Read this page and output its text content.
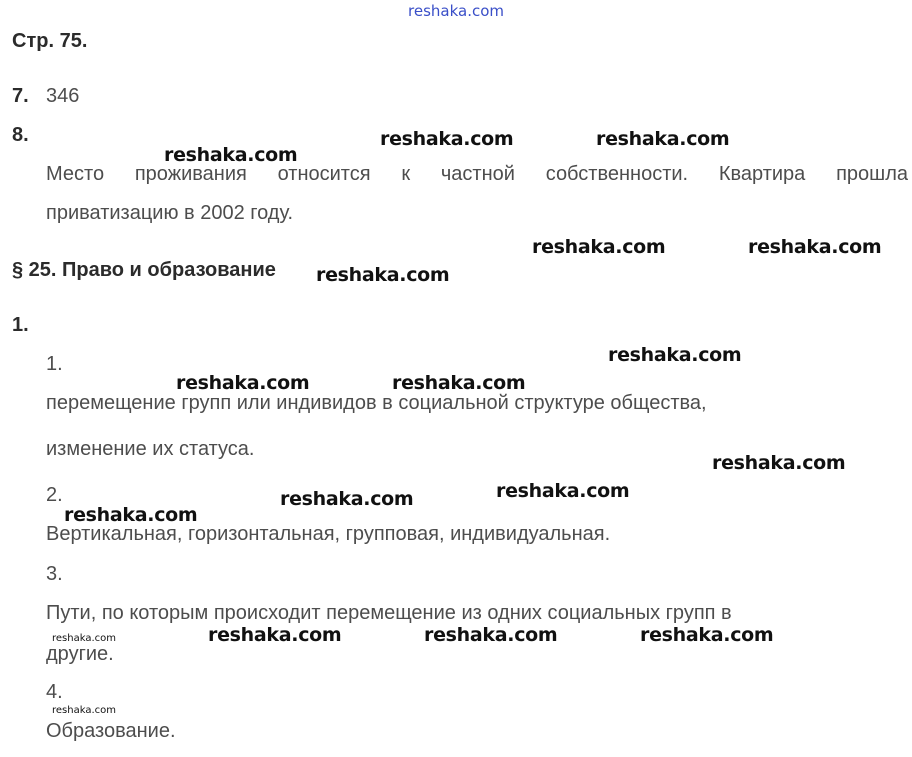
reshaka.com
Стр. 75.
7. 346
8.
Место проживания относится к частной собственности. Квартира прошла
приватизацию в 2002 году.
§ 25. Право и образование
1.
1.
перемещение групп или индивидов в социальной структуре общества,
изменение их статуса.
2.
Вертикальная, горизонтальная, групповая, индивидуальная.
3.
Пути, по которым происходит перемещение из одних социальных групп в
другие.
4.
Образование.
reshaka.com	reshaka.com
reshaka.com
reshaka.com	reshaka.com
reshaka.com
reshaka.com
reshaka.com	reshaka.com
reshaka.com
reshaka.com
reshaka.com
reshaka.com
reshaka.com	reshaka.com	reshaka.com
reshaka.com
reshaka.com
